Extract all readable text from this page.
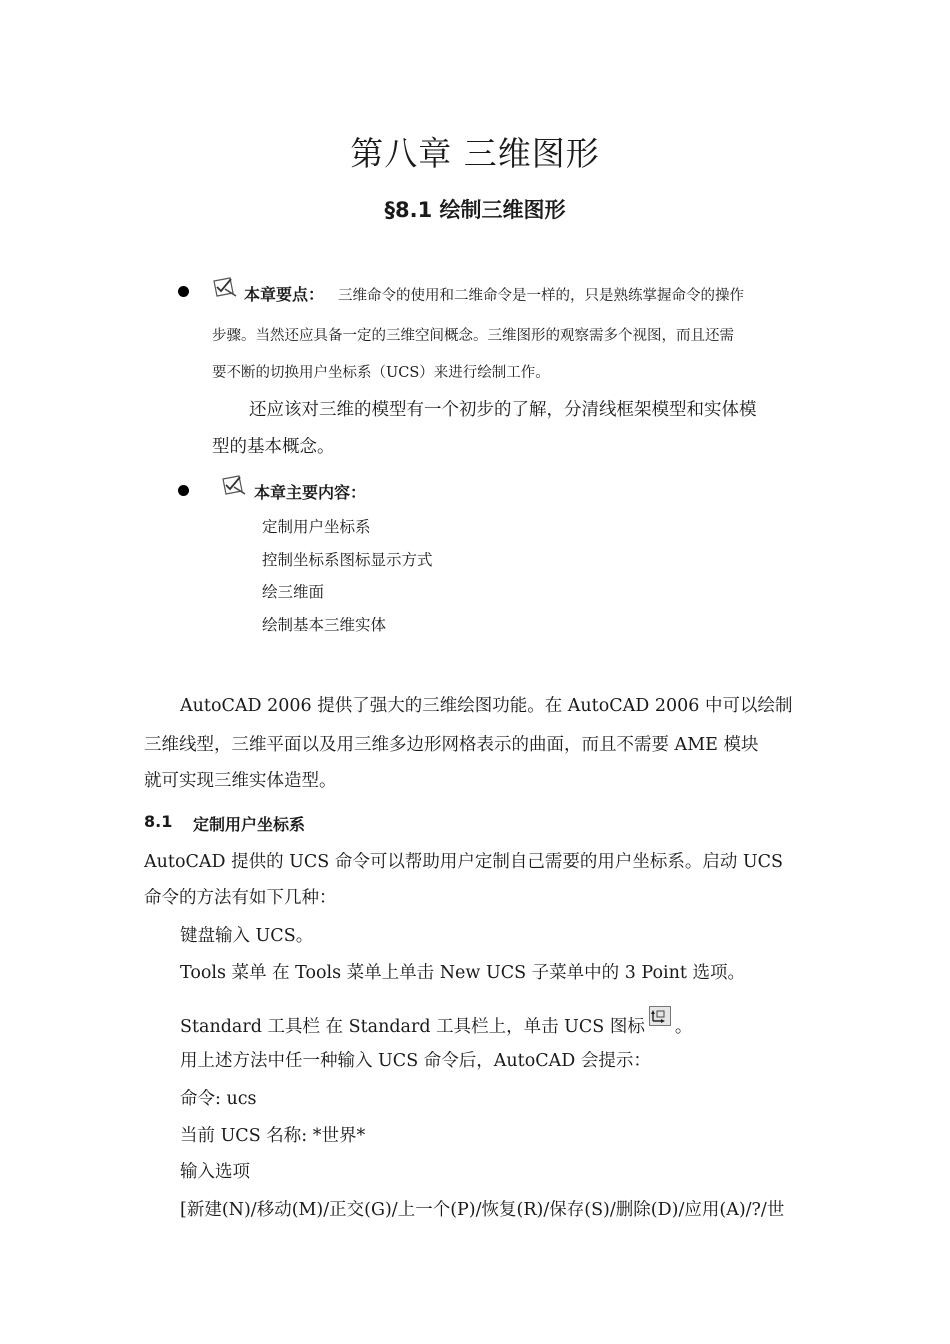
第八章 三维图形
§8.1 绘制三维图形
本章要点： 三维命令的使用和二维命令是一样的，只是熟练掌握命令的操作
步骤。当然还应具备一定的三维空间概念。三维图形的观察需多个视图，而且还需
要不断的切换用户坐标系（UCS）来进行绘制工作。
还应该对三维的模型有一个初步的了解，分清线框架模型和实体模
型的基本概念。
本章主要内容：
定制用户坐标系
控制坐标系图标显示方式
绘三维面
绘制基本三维实体
AutoCAD 2006 提供了强大的三维绘图功能。在 AutoCAD 2006 中可以绘制
三维线型，三维平面以及用三维多边形网格表示的曲面，而且不需要 AME 模块
就可实现三维实体造型。
8.1 定制用户坐标系
AutoCAD 提供的 UCS 命令可以帮助用户定制自己需要的用户坐标系。启动 UCS
命令的方法有如下几种：
键盘输入 UCS。
Tools 菜单 在 Tools 菜单上单击 New UCS 子菜单中的 3 Point 选项。
Standard 工具栏 在 Standard 工具栏上，单击 UCS 图标 。
用上述方法中任一种输入 UCS 命令后，AutoCAD 会提示：
命令: ucs
当前 UCS 名称: *世界*
输入选项
[新建(N)/移动(M)/正交(G)/上一个(P)/恢复(R)/保存(S)/删除(D)/应用(A)/?/世
